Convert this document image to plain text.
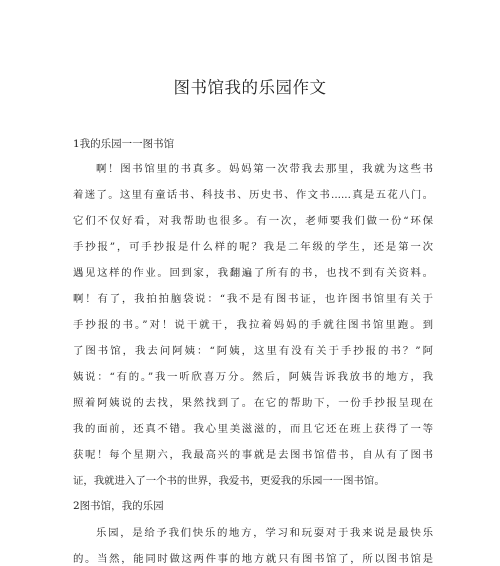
图书馆我的乐园作文
1我的乐园一一图书馆
啊！图书馆里的书真多。妈妈第一次带我去那里，我就为这些书
着迷了。这里有童话书、科技书、历史书、作文书......真是五花八门。
它们不仅好看，对我帮助也很多。有一次，老师要我们做一份“环保
手抄报”，可手抄报是什么样的呢？我是二年级的学生，还是第一次
遇见这样的作业。回到家，我翻遍了所有的书，也找不到有关资料。
啊！有了，我拍拍脑袋说：“我不是有图书证，也许图书馆里有关于
手抄报的书。”对！说干就干，我拉着妈妈的手就往图书馆里跑。到
了图书馆，我去问阿姨：“阿姨，这里有没有关于手抄报的书？”阿
姨说：“有的。”我一听欣喜万分。然后，阿姨告诉我放书的地方，我
照着阿姨说的去找，果然找到了。在它的帮助下，一份手抄报呈现在
我的面前，还真不错。我心里美滋滋的，而且它还在班上获得了一等
获呢！每个星期六，我最高兴的事就是去图书馆借书，自从有了图书
证，我就进入了一个书的世界，我爱书，更爱我的乐园一一图书馆。
2图书馆，我的乐园
乐园，是给予我们快乐的地方，学习和玩耍对于我来说是最快乐
的。当然，能同时做这两件事的地方就只有图书馆了，所以图书馆是
